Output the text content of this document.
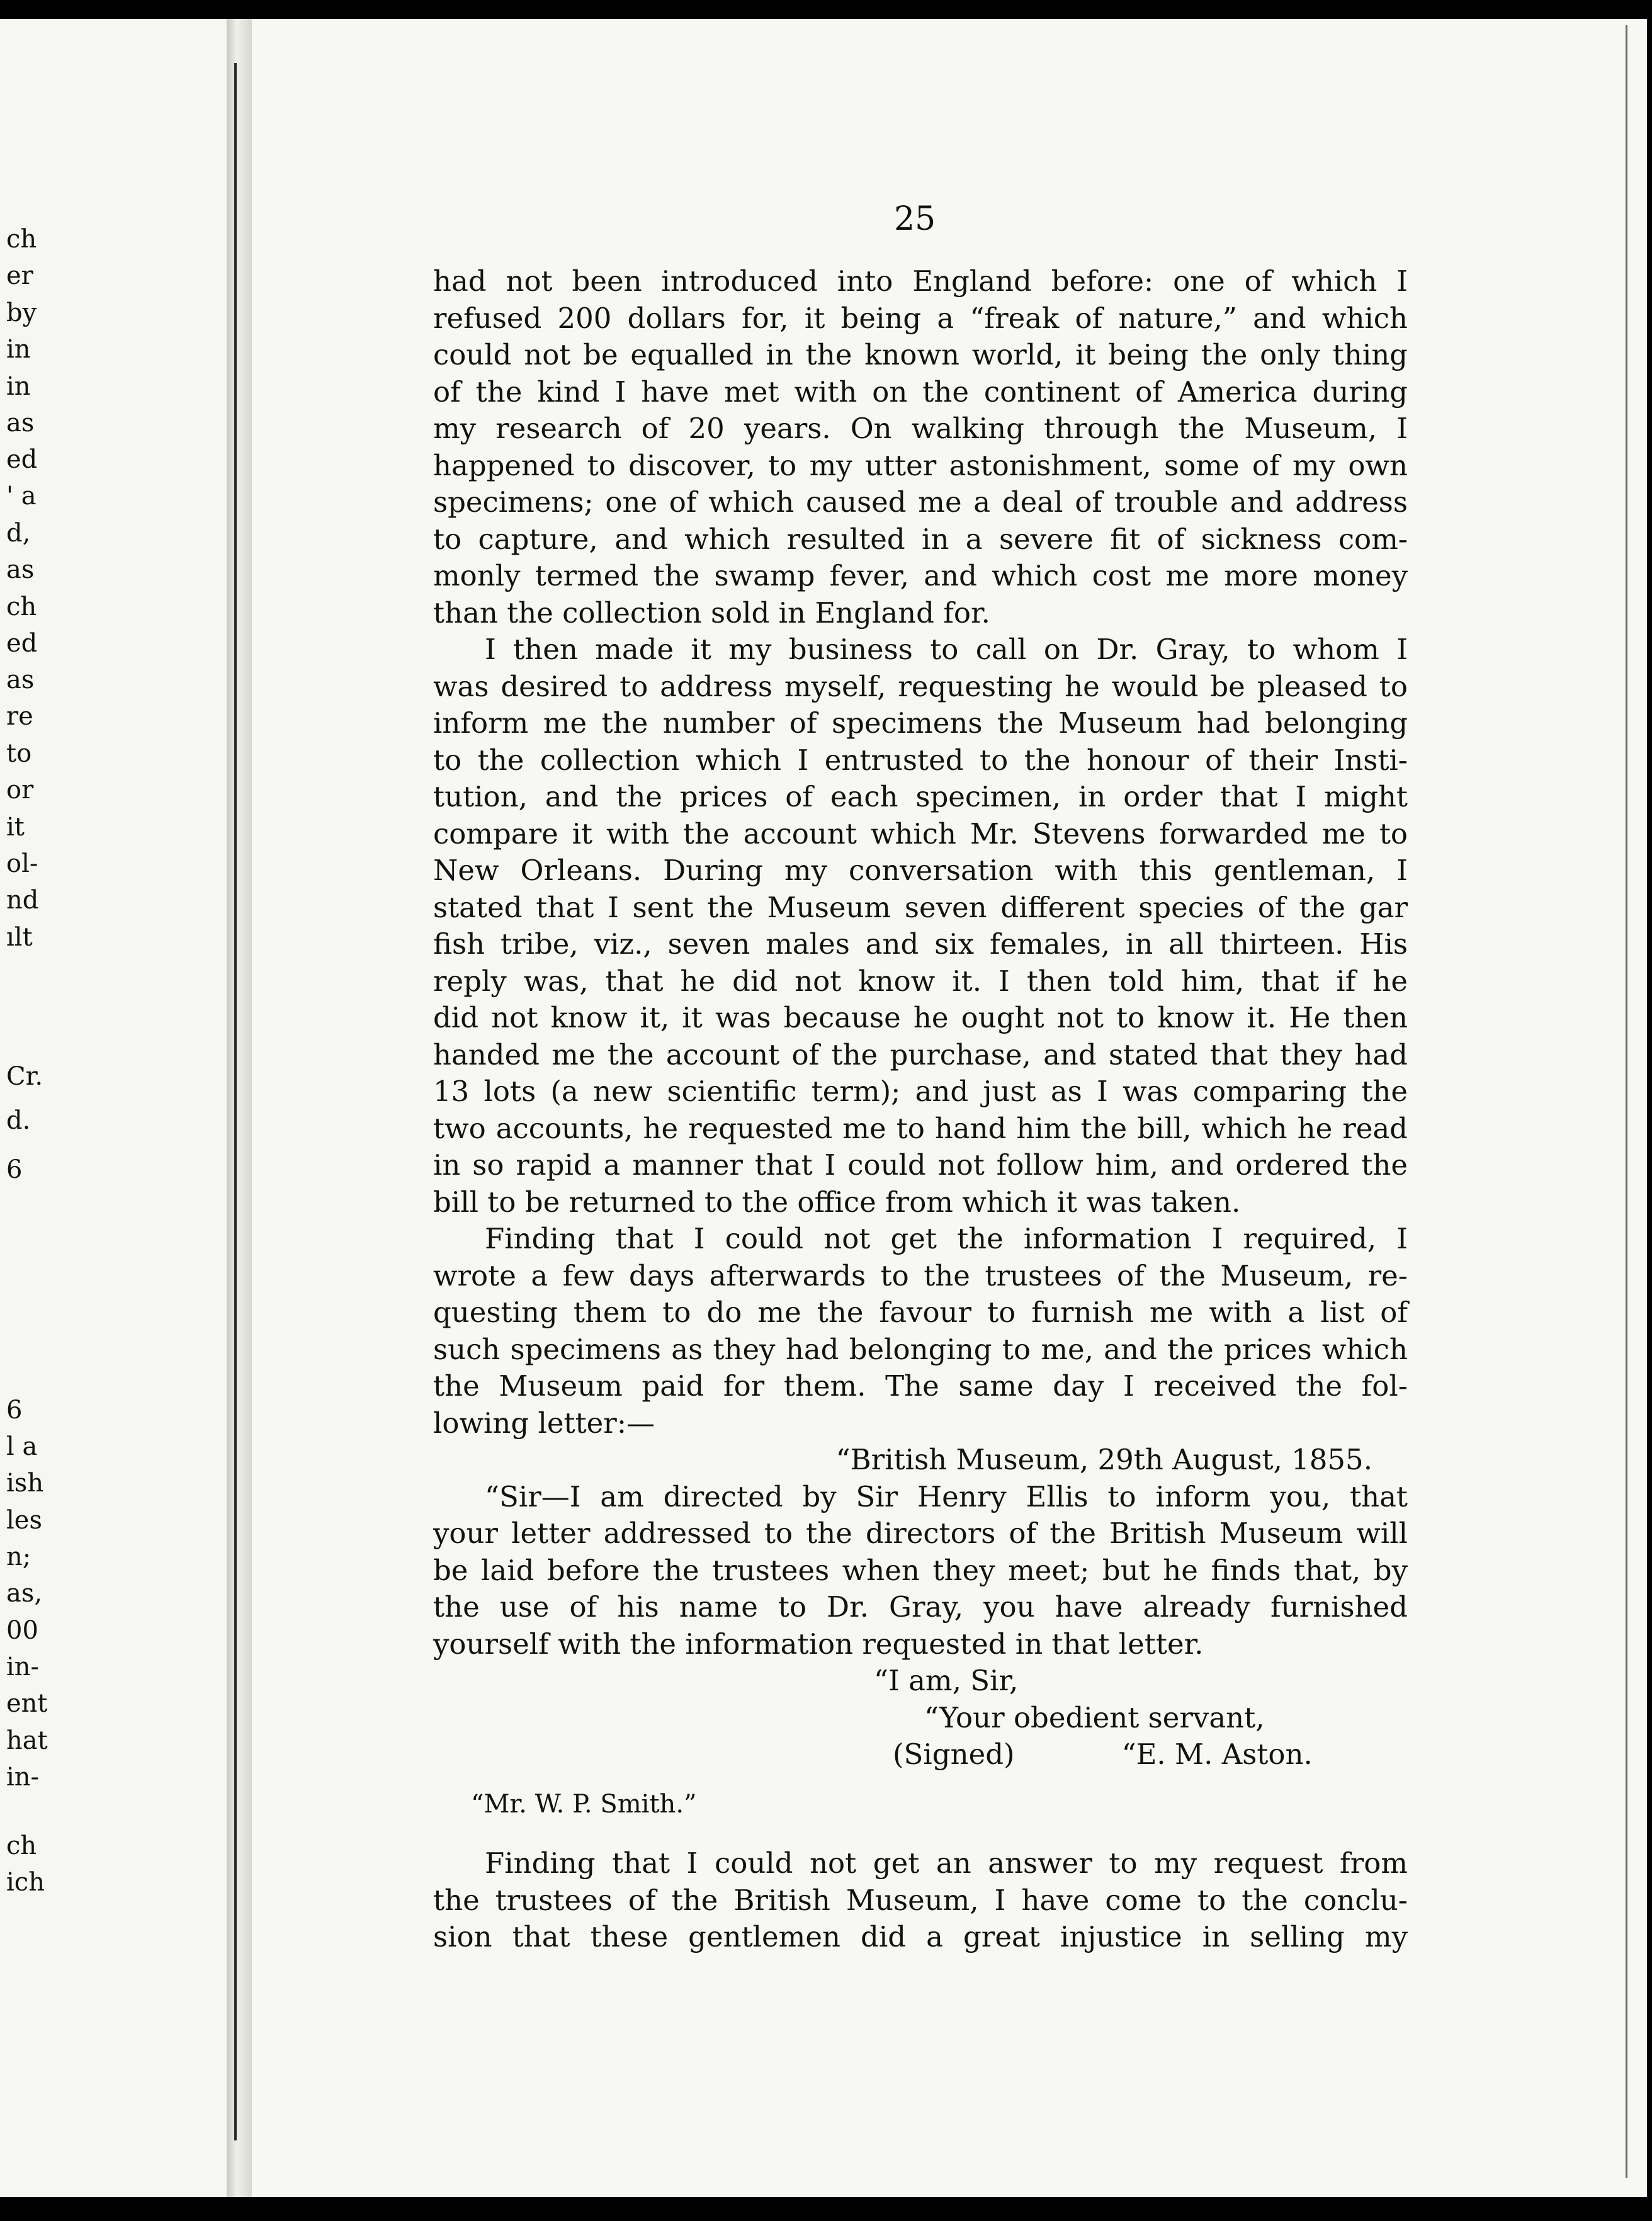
ch
er
by
in
in
as
ed
' a
d,
as
ch
ed
as
re
to
or
it
ol-
nd
ılt
Cr.
d.
6
6
l a
ish
les
n;
as,
00
in-
ent
hat
in-
ch
ich
25

had not been introduced into England before: one of which I
refused 200 dollars for, it being a “freak of nature,” and which
could not be equalled in the known world, it being the only thing
of the kind I have met with on the continent of America during
my research of 20 years. On walking through the Museum, I
happened to discover, to my utter astonishment, some of my own
specimens; one of which caused me a deal of trouble and address
to capture, and which resulted in a severe fit of sickness com-
monly termed the swamp fever, and which cost me more money
than the collection sold in England for.

I then made it my business to call on Dr. Gray, to whom I
was desired to address myself, requesting he would be pleased to
inform me the number of specimens the Museum had belonging
to the collection which I entrusted to the honour of their Insti-
tution, and the prices of each specimen, in order that I might
compare it with the account which Mr. Stevens forwarded me to
New Orleans. During my conversation with this gentleman, I
stated that I sent the Museum seven different species of the gar
fish tribe, viz., seven males and six females, in all thirteen. His
reply was, that he did not know it. I then told him, that if he
did not know it, it was because he ought not to know it. He then
handed me the account of the purchase, and stated that they had
13 lots (a new scientific term); and just as I was comparing the
two accounts, he requested me to hand him the bill, which he read
in so rapid a manner that I could not follow him, and ordered the
bill to be returned to the office from which it was taken.

Finding that I could not get the information I required, I
wrote a few days afterwards to the trustees of the Museum, re-
questing them to do me the favour to furnish me with a list of
such specimens as they had belonging to me, and the prices which
the Museum paid for them. The same day I received the fol-
lowing letter:—

“British Museum, 29th August, 1855.

“Sir—I am directed by Sir Henry Ellis to inform you, that
your letter addressed to the directors of the British Museum will
be laid before the trustees when they meet; but he finds that, by
the use of his name to Dr. Gray, you have already furnished
yourself with the information requested in that letter.

“I am, Sir,
“Your obedient servant,
(Signed)	“E. M. Aston.
“Mr. W. P. Smith.”

Finding that I could not get an answer to my request from
the trustees of the British Museum, I have come to the conclu-
sion that these gentlemen did a great injustice in selling my
